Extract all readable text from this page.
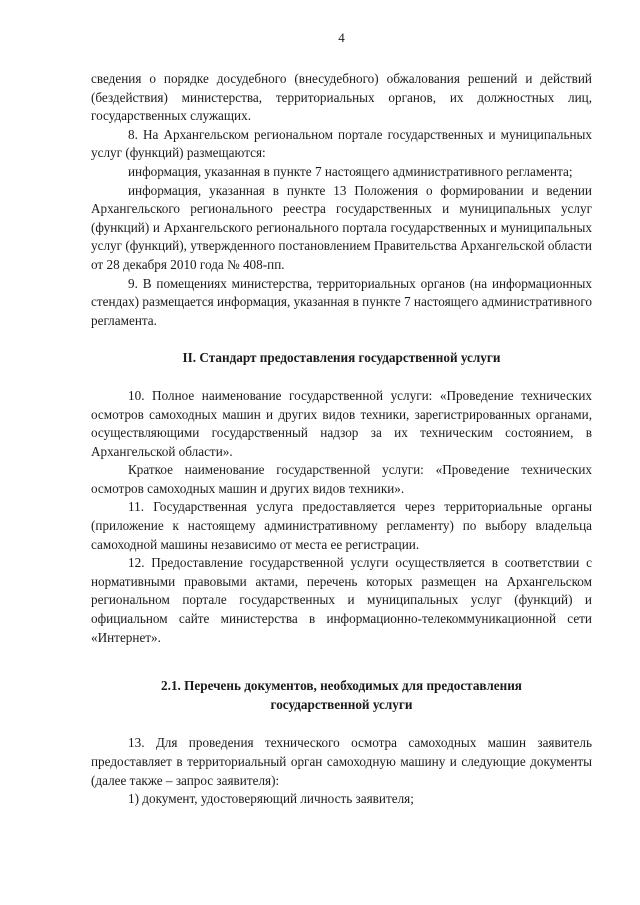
4

сведения о порядке досудебного (внесудебного) обжалования решений и действий (бездействия) министерства, территориальных органов, их должностных лиц, государственных служащих.

8. На Архангельском региональном портале государственных и муниципальных услуг (функций) размещаются:

информация, указанная в пункте 7 настоящего административного регламента;

информация, указанная в пункте 13 Положения о формировании и ведении Архангельского регионального реестра государственных и муниципальных услуг (функций) и Архангельского регионального портала государственных и муниципальных услуг (функций), утвержденного постановлением Правительства Архангельской области от 28 декабря 2010 года № 408-пп.

9. В помещениях министерства, территориальных органов (на информационных стендах) размещается информация, указанная в пункте 7 настоящего административного регламента.

II. Стандарт предоставления государственной услуги

10. Полное наименование государственной услуги: «Проведение технических осмотров самоходных машин и других видов техники, зарегистрированных органами, осуществляющими государственный надзор за их техническим состоянием, в Архангельской области».

Краткое наименование государственной услуги: «Проведение технических осмотров самоходных машин и других видов техники».

11. Государственная услуга предоставляется через территориальные органы (приложение к настоящему административному регламенту) по выбору владельца самоходной машины независимо от места ее регистрации.

12. Предоставление государственной услуги осуществляется в соответствии с нормативными правовыми актами, перечень которых размещен на Архангельском региональном портале государственных и муниципальных услуг (функций) и официальном сайте министерства в информационно-телекоммуникационной сети «Интернет».

2.1. Перечень документов, необходимых для предоставления
государственной услуги

13. Для проведения технического осмотра самоходных машин заявитель предоставляет в территориальный орган самоходную машину и следующие документы (далее также – запрос заявителя):

1) документ, удостоверяющий личность заявителя;
